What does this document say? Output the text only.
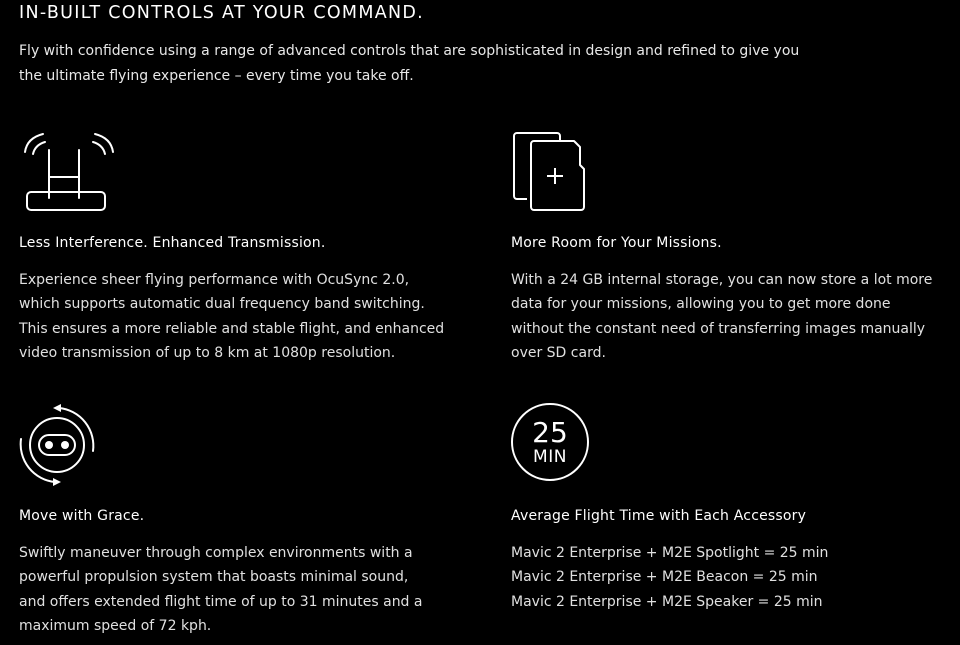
IN-BUILT CONTROLS AT YOUR COMMAND.

Fly with confidence using a range of advanced controls that are sophisticated in design and refined to give you the ultimate flying experience – every time you take off.

Less Interference. Enhanced Transmission.

Experience sheer flying performance with OcuSync 2.0,
which supports automatic dual frequency band switching.
This ensures a more reliable and stable flight, and enhanced
video transmission of up to 8 km at 1080p resolution.

More Room for Your Missions.

With a 24 GB internal storage, you can now store a lot more
data for your missions, allowing you to get more done
without the constant need of transferring images manually
over SD card.

Move with Grace.

Swiftly maneuver through complex environments with a
powerful propulsion system that boasts minimal sound,
and offers extended flight time of up to 31 minutes and a
maximum speed of 72 kph.

25
MIN
Average Flight Time with Each Accessory

Mavic 2 Enterprise + M2E Spotlight = 25 min
Mavic 2 Enterprise + M2E Beacon = 25 min
Mavic 2 Enterprise + M2E Speaker = 25 min
